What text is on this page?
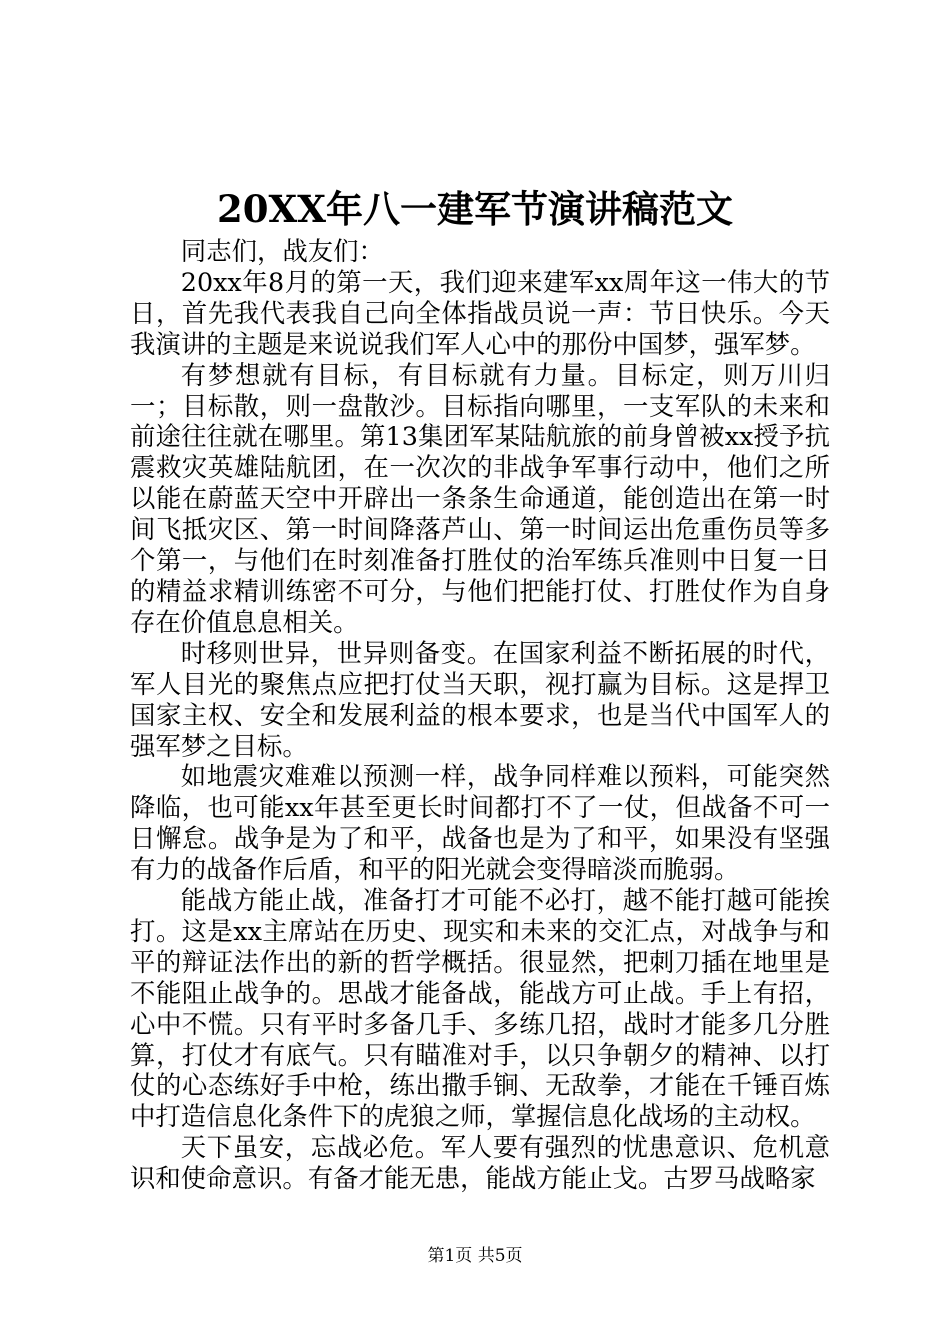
20XX年八一建军节演讲稿范文

同志们，战友们：

20xx年8月的第一天，我们迎来建军xx周年这一伟大的节日，首先我代表我自己向全体指战员说一声：节日快乐。今天我演讲的主题是来说说我们军人心中的那份中国梦，强军梦。

有梦想就有目标，有目标就有力量。目标定，则万川归一；目标散，则一盘散沙。目标指向哪里，一支军队的未来和前途往往就在哪里。第13集团军某陆航旅的前身曾被xx授予抗震救灾英雄陆航团，在一次次的非战争军事行动中，他们之所以能在蔚蓝天空中开辟出一条条生命通道，能创造出在第一时间飞抵灾区、第一时间降落芦山、第一时间运出危重伤员等多个第一，与他们在时刻准备打胜仗的治军练兵准则中日复一日的精益求精训练密不可分，与他们把能打仗、打胜仗作为自身存在价值息息相关。

时移则世异，世异则备变。在国家利益不断拓展的时代，军人目光的聚焦点应把打仗当天职，视打赢为目标。这是捍卫国家主权、安全和发展利益的根本要求，也是当代中国军人的强军梦之目标。

如地震灾难难以预测一样，战争同样难以预料，可能突然降临，也可能xx年甚至更长时间都打不了一仗，但战备不可一日懈怠。战争是为了和平，战备也是为了和平，如果没有坚强有力的战备作后盾，和平的阳光就会变得暗淡而脆弱。

能战方能止战，准备打才可能不必打，越不能打越可能挨打。这是xx主席站在历史、现实和未来的交汇点，对战争与和平的辩证法作出的新的哲学概括。很显然，把刺刀插在地里是不能阻止战争的。思战才能备战，能战方可止战。手上有招，心中不慌。只有平时多备几手、多练几招，战时才能多几分胜算，打仗才有底气。只有瞄准对手，以只争朝夕的精神、以打仗的心态练好手中枪，练出撒手锏、无敌拳，才能在千锤百炼中打造信息化条件下的虎狼之师，掌握信息化战场的主动权。

天下虽安，忘战必危。军人要有强烈的忧患意识、危机意识和使命意识。有备才能无患，能战方能止戈。古罗马战略家

第1页 共5页
